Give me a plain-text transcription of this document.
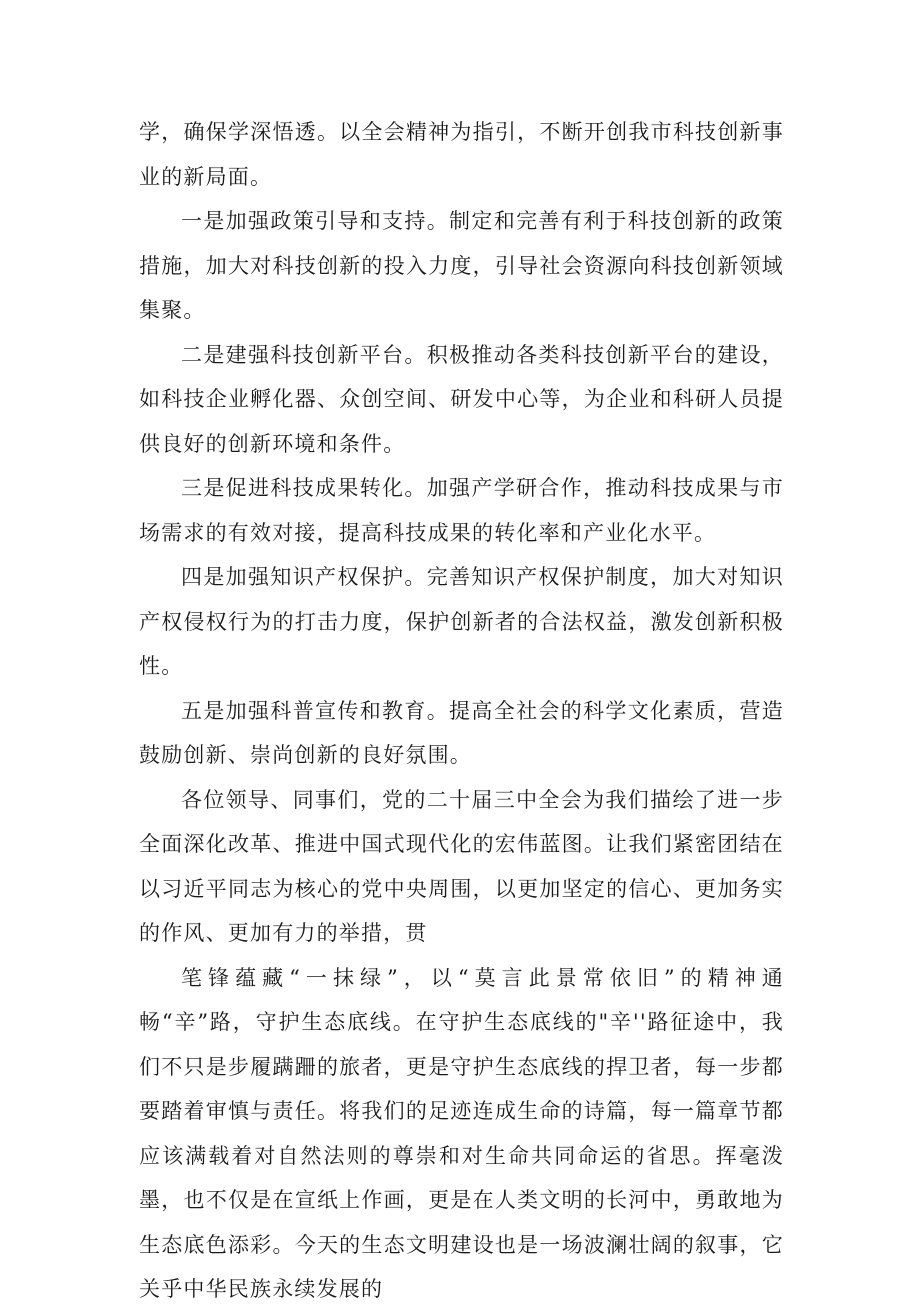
学，确保学深悟透。以全会精神为指引，不断开创我市科技创新事业的新局面。

一是加强政策引导和支持。制定和完善有利于科技创新的政策措施，加大对科技创新的投入力度，引导社会资源向科技创新领域集聚。

二是建强科技创新平台。积极推动各类科技创新平台的建设，如科技企业孵化器、众创空间、研发中心等，为企业和科研人员提供良好的创新环境和条件。

三是促进科技成果转化。加强产学研合作，推动科技成果与市场需求的有效对接，提高科技成果的转化率和产业化水平。

四是加强知识产权保护。完善知识产权保护制度，加大对知识产权侵权行为的打击力度，保护创新者的合法权益，激发创新积极性。

五是加强科普宣传和教育。提高全社会的科学文化素质，营造鼓励创新、崇尚创新的良好氛围。

各位领导、同事们，党的二十届三中全会为我们描绘了进一步全面深化改革、推进中国式现代化的宏伟蓝图。让我们紧密团结在以习近平同志为核心的党中央周围，以更加坚定的信心、更加务实的作风、更加有力的举措，贯

笔锋蕴藏“一抹绿”，以“莫言此景常依旧”的精神通畅“辛”路，守护生态底线。在守护生态底线的"辛''路征途中，我们不只是步履蹒跚的旅者，更是守护生态底线的捍卫者，每一步都要踏着审慎与责任。将我们的足迹连成生命的诗篇，每一篇章节都应该满载着对自然法则的尊崇和对生命共同命运的省思。挥毫泼墨，也不仅是在宣纸上作画，更是在人类文明的长河中，勇敢地为生态底色添彩。今天的生态文明建设也是一场波澜壮阔的叙事，它关乎中华民族永续发展的
